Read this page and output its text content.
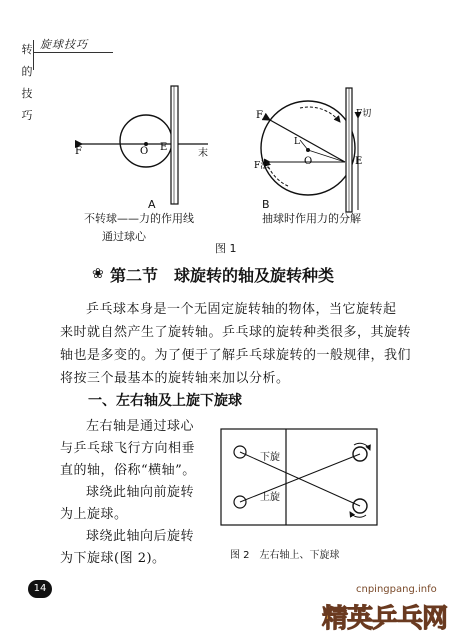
旋球技巧
转
的
技
巧
F	O E
末
F	F切
F法
L
O	E
A
不转球——力的作用线
通过球心
B
抽球时作用力的分解
图 1
❀ 第二节　球旋转的轴及旋转种类
乒乓球本身是一个无固定旋转轴的物体，当它旋转起
来时就自然产生了旋转轴。乒乓球的旋转种类很多，其旋转
轴也是多变的。为了便于了解乒乓球旋转的一般规律，我们
将按三个最基本的旋转轴来加以分析。
一、左右轴及上旋下旋球
左右轴是通过球心
与乒乓球飞行方向相垂
直的轴，俗称“横轴”。
球绕此轴向前旋转
为上旋球。
球绕此轴向后旋转
为下旋球(图 2)。
下旋
上旋
图 2　左右轴上、下旋球
14	cnpingpang.info
精英乒乓网
